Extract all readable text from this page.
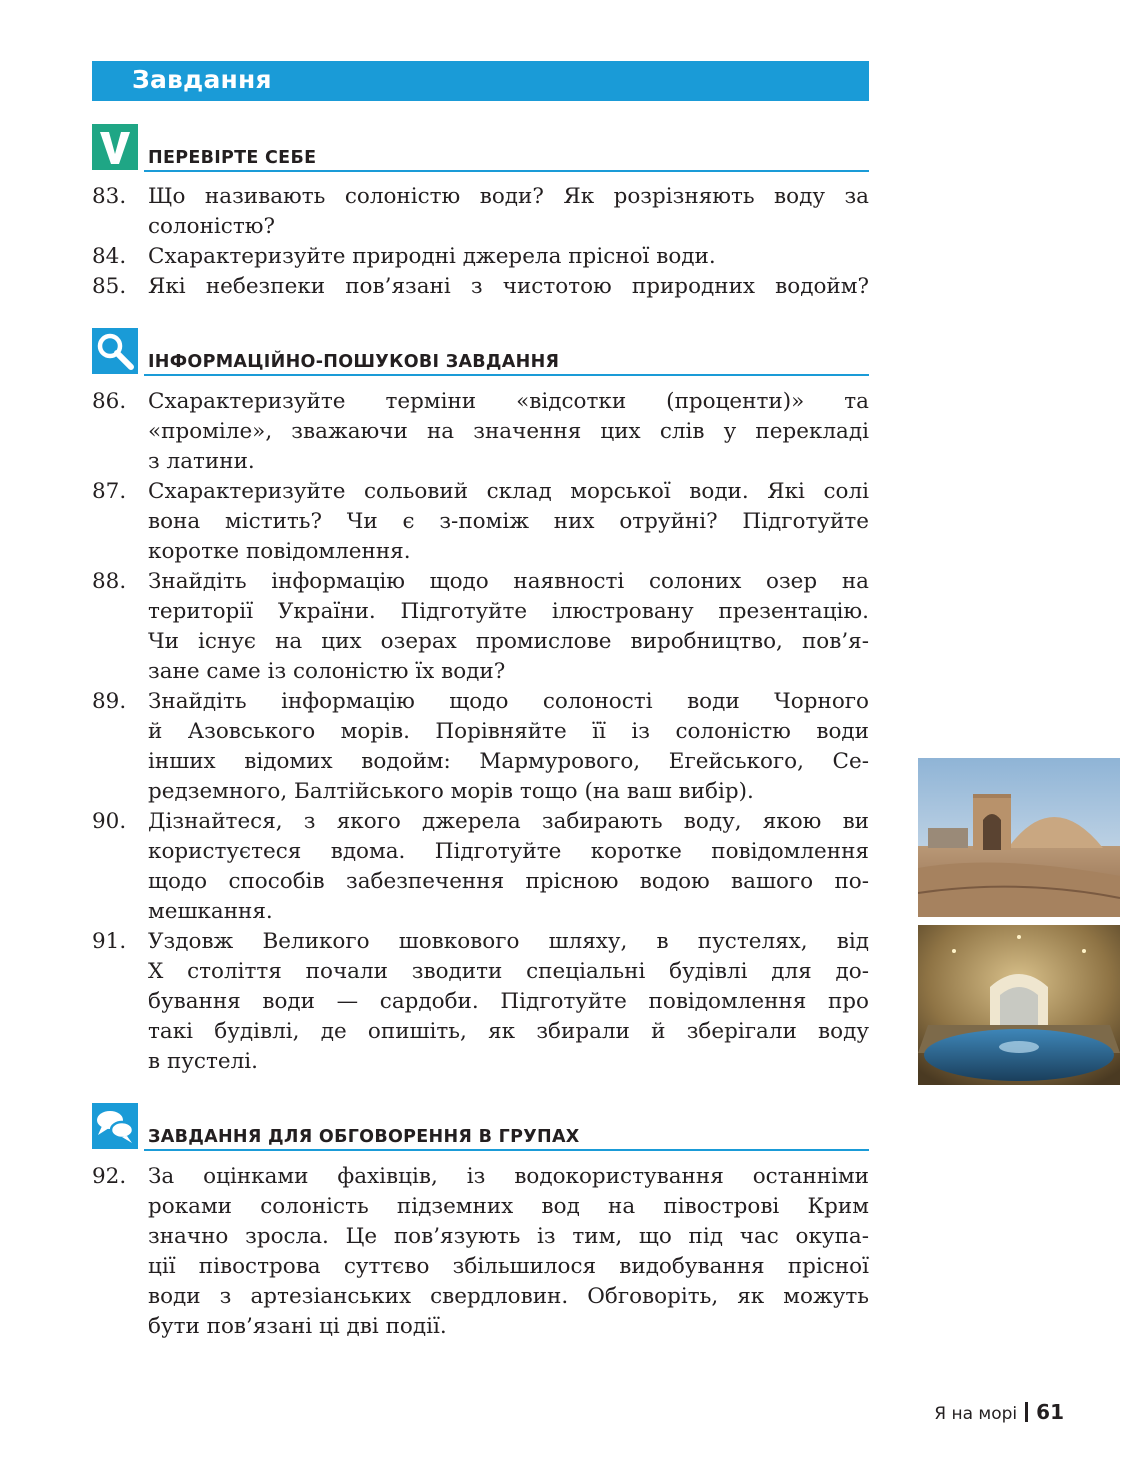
Завдання
ПЕРЕВІРТЕ СЕБЕ
83. Що називають солоністю води? Як розрізняють воду за
солоністю?
84. Схарактеризуйте природні джерела прісної води.
85. Які небезпеки пов’язані з чистотою природних водойм?
ІНФОРМАЦІЙНО-ПОШУКОВІ ЗАВДАННЯ
86. Схарактеризуйте терміни «відсотки (проценти)» та
«проміле», зважаючи на значення цих слів у перекладі
з латини.
87. Схарактеризуйте сольовий склад морської води. Які солі
вона містить? Чи є з-поміж них отруйні? Підготуйте
коротке повідомлення.
88. Знайдіть інформацію щодо наявності солоних озер на
території України. Підготуйте ілюстровану презентацію.
Чи існує на цих озерах промислове виробництво, пов’я-
зане саме із солоністю їх води?
89. Знайдіть інформацію щодо солоності води Чорного
й Азовського морів. Порівняйте її із солоністю води
інших відомих водойм: Мармурового, Егейського, Се-
редземного, Балтійського морів тощо (на ваш вибір).
90. Дізнайтеся, з якого джерела забирають воду, якою ви
користуєтеся вдома. Підготуйте коротке повідомлення
щодо способів забезпечення прісною водою вашого по-
мешкання.
91. Уздовж Великого шовкового шляху, в пустелях, від
X століття почали зводити спеціальні будівлі для до-
бування води — сардоби. Підготуйте повідомлення про
такі будівлі, де опишіть, як збирали й зберігали воду
в пустелі.
ЗАВДАННЯ ДЛЯ ОБГОВОРЕННЯ В ГРУПАХ
92. За оцінками фахівців, із водокористування останніми
роками солоність підземних вод на півострові Крим
значно зросла. Це пов’язують із тим, що під час окупа-
ції півострова суттєво збільшилося видобування прісної
води з артезіанських свердловин. Обговоріть, як можуть
бути пов’язані ці дві події.
Я на морі 61
